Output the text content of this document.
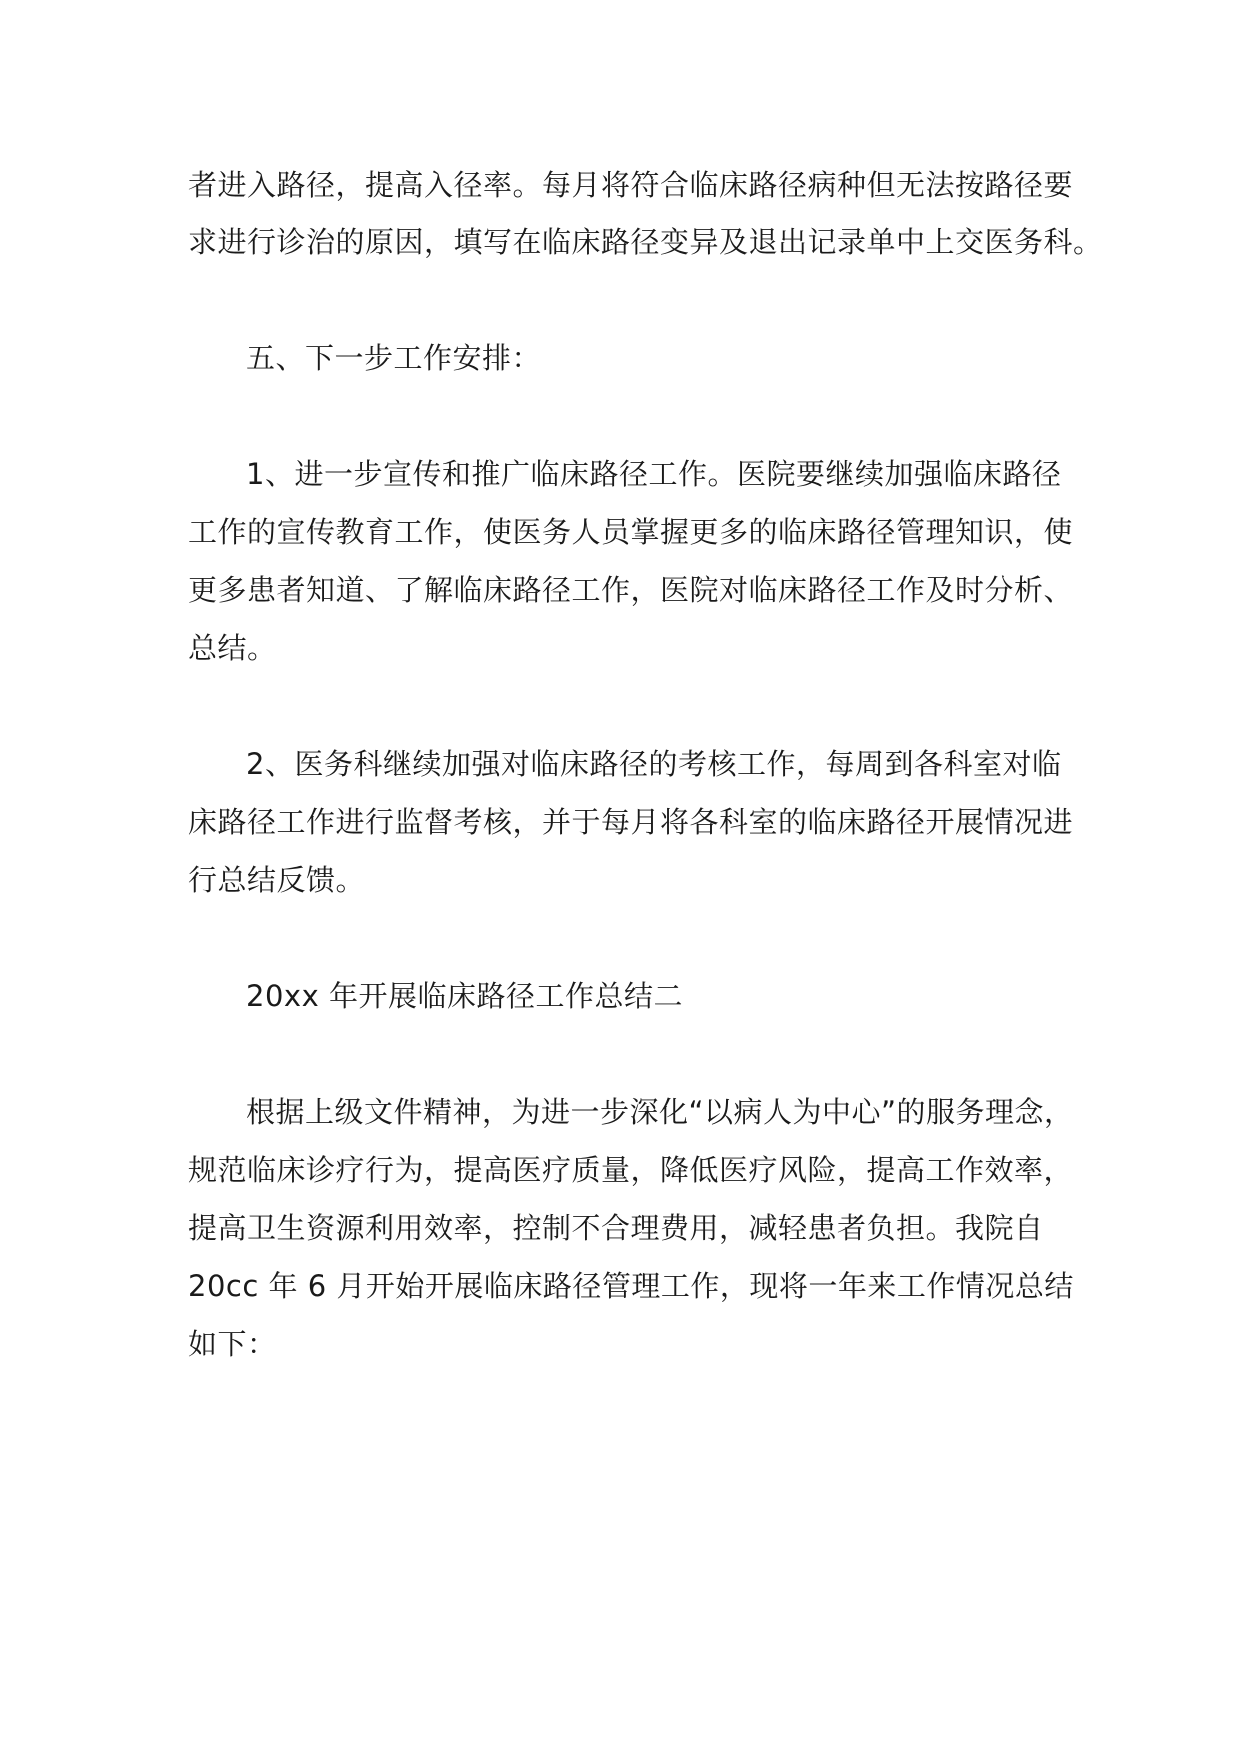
者进入路径，提高入径率。每月将符合临床路径病种但无法按路径要
求进行诊治的原因，填写在临床路径变异及退出记录单中上交医务科。
五、下一步工作安排：
1、进一步宣传和推广临床路径工作。医院要继续加强临床路径
工作的宣传教育工作，使医务人员掌握更多的临床路径管理知识，使
更多患者知道、了解临床路径工作，医院对临床路径工作及时分析、
总结。
2、医务科继续加强对临床路径的考核工作，每周到各科室对临
床路径工作进行监督考核，并于每月将各科室的临床路径开展情况进
行总结反馈。
20xx 年开展临床路径工作总结二
根据上级文件精神，为进一步深化“以病人为中心”的服务理念，
规范临床诊疗行为，提高医疗质量，降低医疗风险，提高工作效率，
提高卫生资源利用效率，控制不合理费用，减轻患者负担。我院自
20cc 年 6 月开始开展临床路径管理工作，现将一年来工作情况总结
如下：
